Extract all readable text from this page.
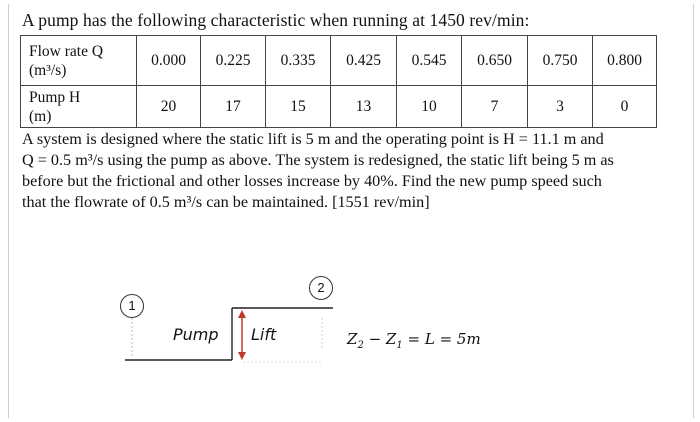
A pump has the following characteristic when running at 1450 rev/min:
Flow rate Q
(m³/s)	0.000	0.225	0.335	0.425	0.545	0.650	0.750	0.800

Pump H
(m)	20	17	15	13	10	7	3	0

A system is designed where the static lift is 5 m and the operating point is H = 11.1 m and

Q = 0.5 m³/s using the pump as above. The system is redesigned, the static lift being 5 m as

before but the frictional and other losses increase by 40%. Find the new pump speed such

that the flowrate of 0.5 m³/s can be maintained. [1551 rev/min]

1
2
Pump Lift	$Z_2 - Z_1 = L = 5m$
